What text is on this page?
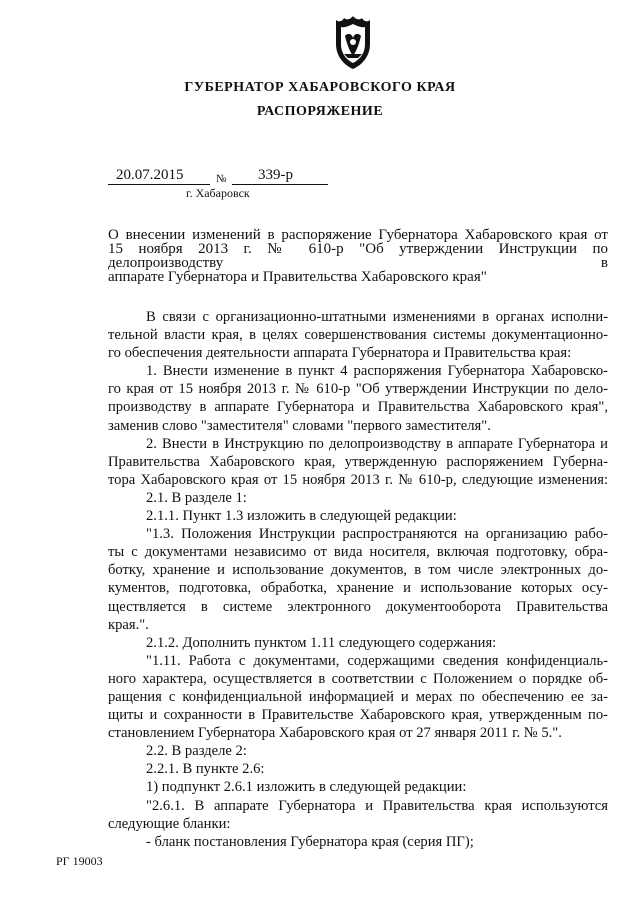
ГУБЕРНАТОР ХАБАРОВСКОГО КРАЯ
РАСПОРЯЖЕНИЕ
20.07.2015	№	339-р
г. Хабаровск
О внесении изменений в распоряжение Губернатора Хабаровского края от
15 ноября 2013 г. № 610-р "Об утверждении Инструкции по делопроизводству в
аппарате Губернатора и Правительства Хабаровского края"
В связи с организационно-штатными изменениями в органах исполни-
тельной власти края, в целях совершенствования системы документационно-
го обеспечения деятельности аппарата Губернатора и Правительства края:
1. Внести изменение в пункт 4 распоряжения Губернатора Хабаровско-
го края от 15 ноября 2013 г. № 610-р "Об утверждении Инструкции по дело-
производству в аппарате Губернатора и Правительства Хабаровского края",
заменив слово "заместителя" словами "первого заместителя".
2. Внести в Инструкцию по делопроизводству в аппарате Губернатора и
Правительства Хабаровского края, утвержденную распоряжением Губерна-
тора Хабаровского края от 15 ноября 2013 г. № 610-р, следующие изменения:
2.1. В разделе 1:
2.1.1. Пункт 1.3 изложить в следующей редакции:
"1.3. Положения Инструкции распространяются на организацию рабо-
ты с документами независимо от вида носителя, включая подготовку, обра-
ботку, хранение и использование документов, в том числе электронных до-
кументов, подготовка, обработка, хранение и использование которых осу-
ществляется в системе электронного документооборота Правительства
края.".
2.1.2. Дополнить пунктом 1.11 следующего содержания:
"1.11. Работа с документами, содержащими сведения конфиденциаль-
ного характера, осуществляется в соответствии с Положением о порядке об-
ращения с конфиденциальной информацией и мерах по обеспечению ее за-
щиты и сохранности в Правительстве Хабаровского края, утвержденным по-
становлением Губернатора Хабаровского края от 27 января 2011 г. № 5.".
2.2. В разделе 2:
2.2.1. В пункте 2.6:
1) подпункт 2.6.1 изложить в следующей редакции:
"2.6.1. В аппарате Губернатора и Правительства края используются
следующие бланки:
- бланк постановления Губернатора края (серия ПГ);
РГ 19003
